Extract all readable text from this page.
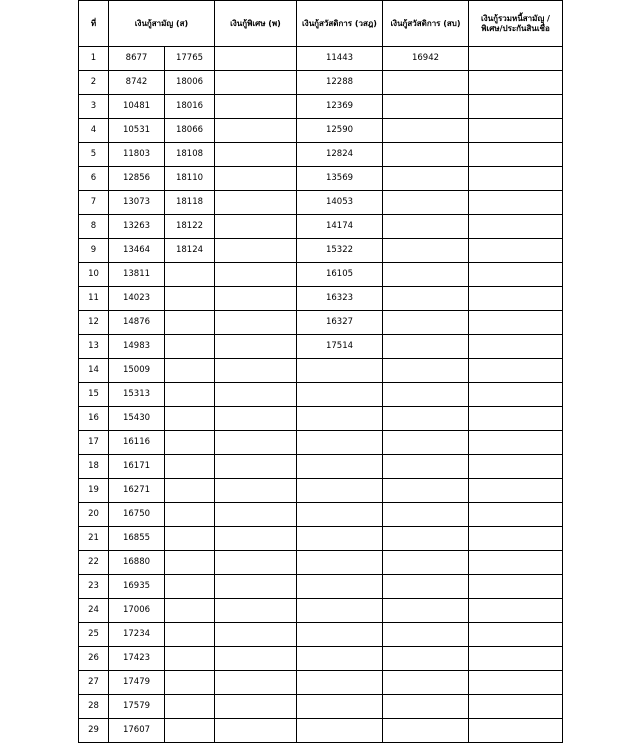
ที่	เงินกู้สามัญ (ส)		เงินกู้พิเศษ (พ)	เงินกู้สวัสดิการ (วสฎ)	เงินกู้สวัสดิการ (สบ)	เงินกู้รวมหนี้สามัญ /
พิเศษ/ประกันสินเชื่อ

1	8677	17765		11443	16942	
2	8742	18006		12288		
3	10481	18016		12369		
4	10531	18066		12590		
5	11803	18108		12824		
6	12856	18110		13569		
7	13073	18118		14053		
8	13263	18122		14174		
9	13464	18124		15322		
10	13811			16105		
11	14023			16323		
12	14876			16327		
13	14983			17514		
14	15009					
15	15313					
16	15430					
17	16116					
18	16171					
19	16271					
20	16750					
21	16855					
22	16880					
23	16935					
24	17006					
25	17234					
26	17423					
27	17479					
28	17579					
29	17607					
